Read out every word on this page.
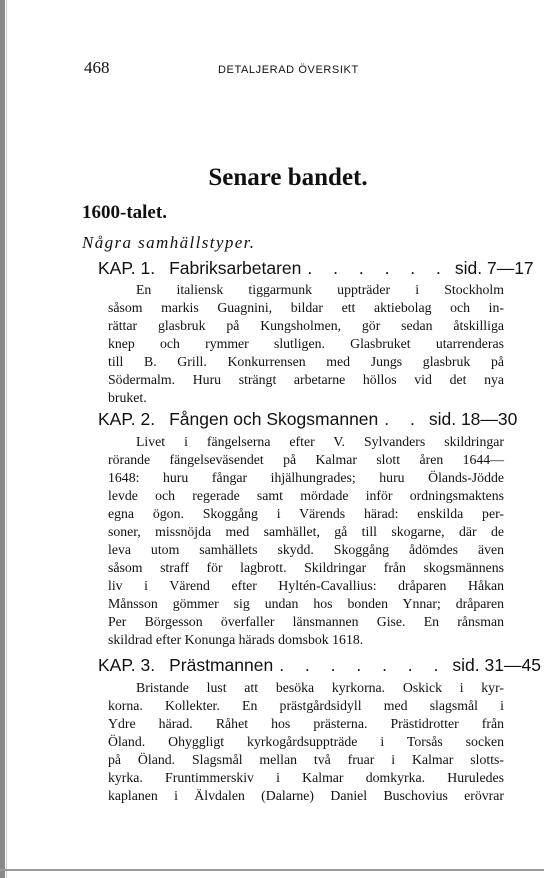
468	DETALJERAD ÖVERSIKT
Senare bandet.
1600-talet.
Några samhällstyper.
KAP. 1. Fabriksarbetaren . . . . . . sid. 7—17
En italiensk tiggarmunk uppträder i Stockholm
såsom markis Guagnini, bildar ett aktiebolag och in-
rättar glasbruk på Kungsholmen, gör sedan åtskilliga
knep och rymmer slutligen. Glasbruket utarrenderas
till B. Grill. Konkurrensen med Jungs glasbruk på
Södermalm. Huru strängt arbetarne höllos vid det nya
bruket.
KAP. 2. Fången och Skogsmannen . . sid. 18—30
Livet i fängelserna efter V. Sylvanders skildringar
rörande fängelseväsendet på Kalmar slott åren 1644—
1648: huru fångar ihjälhungrades; huru Ölands-Jödde
levde och regerade samt mördade inför ordningsmaktens
egna ögon. Skoggång i Värends härad: enskilda per-
soner, missnöjda med samhället, gå till skogarne, där de
leva utom samhällets skydd. Skoggång ådömdes även
såsom straff för lagbrott. Skildringar från skogsmännens
liv i Värend efter Hyltén-Cavallius: dråparen Håkan
Månsson gömmer sig undan hos bonden Ynnar; dråparen
Per Börgesson överfaller länsmannen Gise. En rånsman
skildrad efter Konunga härads domsbok 1618.
KAP. 3. Prästmannen . . . . . . . sid. 31—45
Bristande lust att besöka kyrkorna. Oskick i kyr-
korna. Kollekter. En prästgårdsidyll med slagsmål i
Ydre härad. Råhet hos prästerna. Prästidrotter från
Öland. Ohyggligt kyrkogårdsuppträde i Torsås socken
på Öland. Slagsmål mellan två fruar i Kalmar slotts-
kyrka. Fruntimmerskiv i Kalmar domkyrka. Huruledes
kaplanen i Älvdalen (Dalarne) Daniel Buschovius erövrar
